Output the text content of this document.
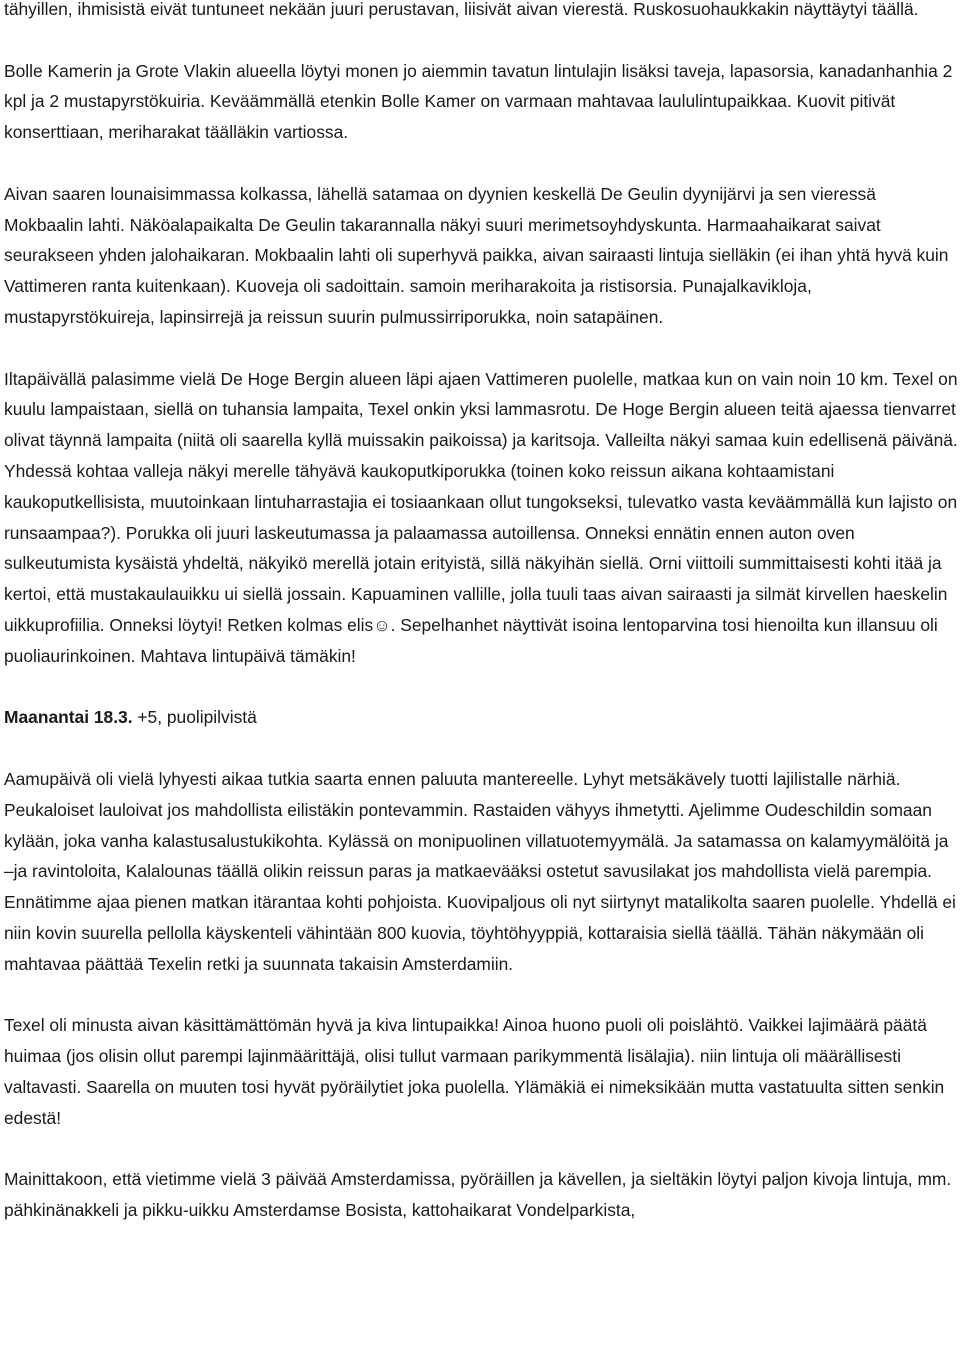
tähyillen, ihmisistä eivät tuntuneet nekään juuri perustavan, liisivät aivan vierestä. Ruskosuohaukkakin näyttäytyi täällä.

Bolle Kamerin ja Grote Vlakin alueella löytyi monen jo aiemmin tavatun lintulajin lisäksi taveja, lapasorsia, kanadanhanhia 2 kpl ja 2 mustapyrstökuiria. Keväämmällä etenkin Bolle Kamer on varmaan mahtavaa laululintupaikkaa. Kuovit pitivät konserttiaan, meriharakat täälläkin vartiossa.

Aivan saaren lounaisimmassa kolkassa, lähellä satamaa on dyynien keskellä De Geulin dyynijärvi ja sen vieressä Mokbaalin lahti. Näköalapaikalta De Geulin takarannalla näkyi suuri merimetsoyhdyskunta. Harmaahaikarat saivat seurakseen yhden jalohaikaran. Mokbaalin lahti oli superhyvä paikka, aivan sairaasti lintuja sielläkin (ei ihan yhtä hyvä kuin Vattimeren ranta kuitenkaan). Kuoveja oli sadoittain. samoin meriharakoita ja ristisorsia. Punajalkavikloja, mustapyrstökuireja, lapinsirrejä ja reissun suurin pulmussirriporukka, noin satapäinen.

Iltapäivällä palasimme vielä De Hoge Bergin alueen läpi ajaen Vattimeren puolelle, matkaa kun on vain noin 10 km. Texel on kuulu lampaistaan, siellä on tuhansia lampaita, Texel onkin yksi lammasrotu. De Hoge Bergin alueen teitä ajaessa tienvarret olivat täynnä lampaita (niitä oli saarella kyllä muissakin paikoissa) ja karitsoja. Valleilta näkyi samaa kuin edellisenä päivänä. Yhdessä kohtaa valleja näkyi merelle tähyävä kaukoputkiporukka (toinen koko reissun aikana kohtaamistani kaukoputkellisista, muutoinkaan lintuharrastajia ei tosiaankaan ollut tungokseksi, tulevatko vasta keväämmällä kun lajisto on runsaampaa?). Porukka oli juuri laskeutumassa ja palaamassa autoillensa. Onneksi ennätin ennen auton oven sulkeutumista kysäistä yhdeltä, näkyikö merellä jotain erityistä, sillä näkyihän siellä. Orni viittoili summittaisesti kohti itää ja kertoi, että mustakaulauikku ui siellä jossain. Kapuaminen vallille, jolla tuuli taas aivan sairaasti ja silmät kirvellen haeskelin uikkuprofiilia. Onneksi löytyi! Retken kolmas elis☺. Sepelhanhet näyttivät isoina lentoparvina tosi hienoilta kun illansuu oli puoliaurinkoinen. Mahtava lintupäivä tämäkin!

Maanantai 18.3. +5, puolipilvistä

Aamupäivä oli vielä lyhyesti aikaa tutkia saarta ennen paluuta mantereelle. Lyhyt metsäkävely tuotti lajilistalle närhiä. Peukaloiset lauloivat jos mahdollista eilistäkin pontevammin. Rastaiden vähyys ihmetytti. Ajelimme Oudeschildin somaan kylään, joka vanha kalastusalustukikohta. Kylässä on monipuolinen villatuotemyymälä. Ja satamassa on kalamyymälöitä ja –ja ravintoloita, Kalalounas täällä olikin reissun paras ja matkaevääksi ostetut savusilakat jos mahdollista vielä parempia. Ennätimme ajaa pienen matkan itärantaa kohti pohjoista. Kuovipaljous oli nyt siirtynyt matalikolta saaren puolelle. Yhdellä ei niin kovin suurella pellolla käyskenteli vähintään 800 kuovia, töyhtöhyyppiä, kottaraisia siellä täällä. Tähän näkymään oli mahtavaa päättää Texelin retki ja suunnata takaisin Amsterdamiin.

Texel oli minusta aivan käsittämättömän hyvä ja kiva lintupaikka! Ainoa huono puoli oli poislähtö. Vaikkei lajimäärä päätä huimaa (jos olisin ollut parempi lajinmäärittäjä, olisi tullut varmaan parikymmentä lisälajia). niin lintuja oli määrällisesti valtavasti. Saarella on muuten tosi hyvät pyöräilytiet joka puolella. Ylämäkiä ei nimeksikään mutta vastatuulta sitten senkin edestä!

Mainittakoon, että vietimme vielä 3 päivää Amsterdamissa, pyöräillen ja kävellen, ja sieltäkin löytyi paljon kivoja lintuja, mm. pähkinänakkeli ja pikku-uikku Amsterdamse Bosista, kattohaikarat Vondelparkista,
